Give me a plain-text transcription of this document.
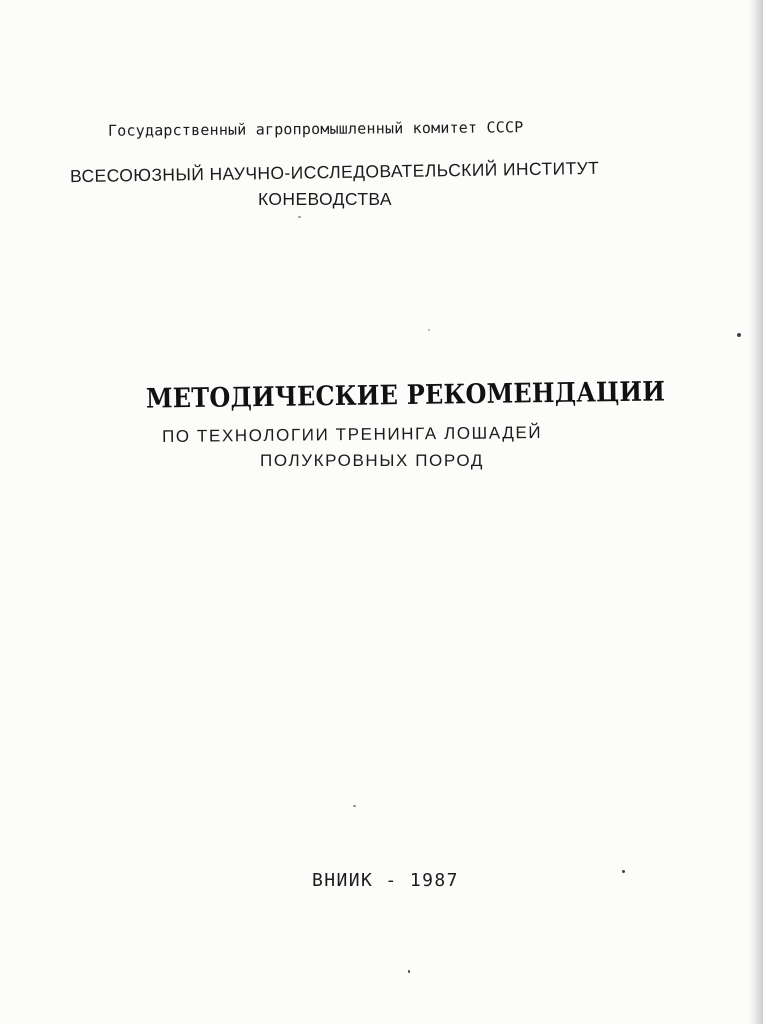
Государственный агропромышленный комитет СССР
ВСЕСОЮЗНЫЙ НАУЧНО-ИССЛЕДОВАТЕЛЬСКИЙ ИНСТИТУТ
КОНЕВОДСТВА
МЕТОДИЧЕСКИЕ РЕКОМЕНДАЦИИ
ПО ТЕХНОЛОГИИ ТРЕНИНГА ЛОШАДЕЙ
ПОЛУКРОВНЫХ ПОРОД
ВНИИК - 1987
